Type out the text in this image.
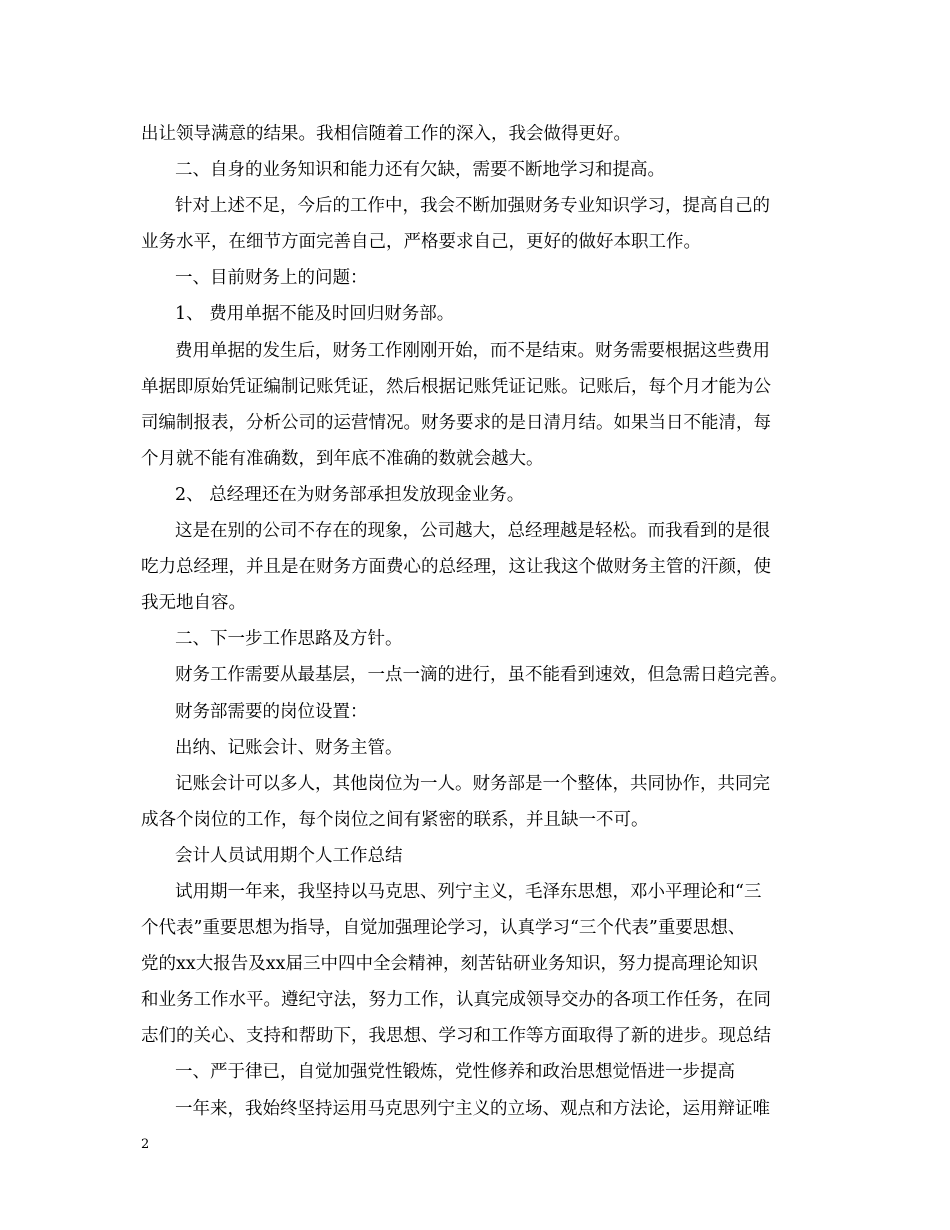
出让领导满意的结果。我相信随着工作的深入，我会做得更好。
二、自身的业务知识和能力还有欠缺，需要不断地学习和提高。
针对上述不足，今后的工作中，我会不断加强财务专业知识学习，提高自己的
业务水平，在细节方面完善自己，严格要求自己，更好的做好本职工作。
一、目前财务上的问题：
1、 费用单据不能及时回归财务部。
费用单据的发生后，财务工作刚刚开始，而不是结束。财务需要根据这些费用
单据即原始凭证编制记账凭证，然后根据记账凭证记账。记账后，每个月才能为公
司编制报表，分析公司的运营情况。财务要求的是日清月结。如果当日不能清，每
个月就不能有准确数，到年底不准确的数就会越大。
2、 总经理还在为财务部承担发放现金业务。
这是在别的公司不存在的现象，公司越大，总经理越是轻松。而我看到的是很
吃力总经理，并且是在财务方面费心的总经理，这让我这个做财务主管的汗颜，使
我无地自容。
二、下一步工作思路及方针。
财务工作需要从最基层，一点一滴的进行，虽不能看到速效，但急需日趋完善。
财务部需要的岗位设置：
出纳、记账会计、财务主管。
记账会计可以多人，其他岗位为一人。财务部是一个整体，共同协作，共同完
成各个岗位的工作，每个岗位之间有紧密的联系，并且缺一不可。
会计人员试用期个人工作总结
试用期一年来，我坚持以马克思、列宁主义，毛泽东思想，邓小平理论和“三
个代表”重要思想为指导，自觉加强理论学习，认真学习“三个代表”重要思想、
党的xx大报告及xx届三中四中全会精神，刻苦钻研业务知识，努力提高理论知识
和业务工作水平。遵纪守法，努力工作，认真完成领导交办的各项工作任务，在同
志们的关心、支持和帮助下，我思想、学习和工作等方面取得了新的进步。现总结
一、严于律已，自觉加强党性锻炼，党性修养和政治思想觉悟进一步提高
一年来，我始终坚持运用马克思列宁主义的立场、观点和方法论，运用辩证唯
2
